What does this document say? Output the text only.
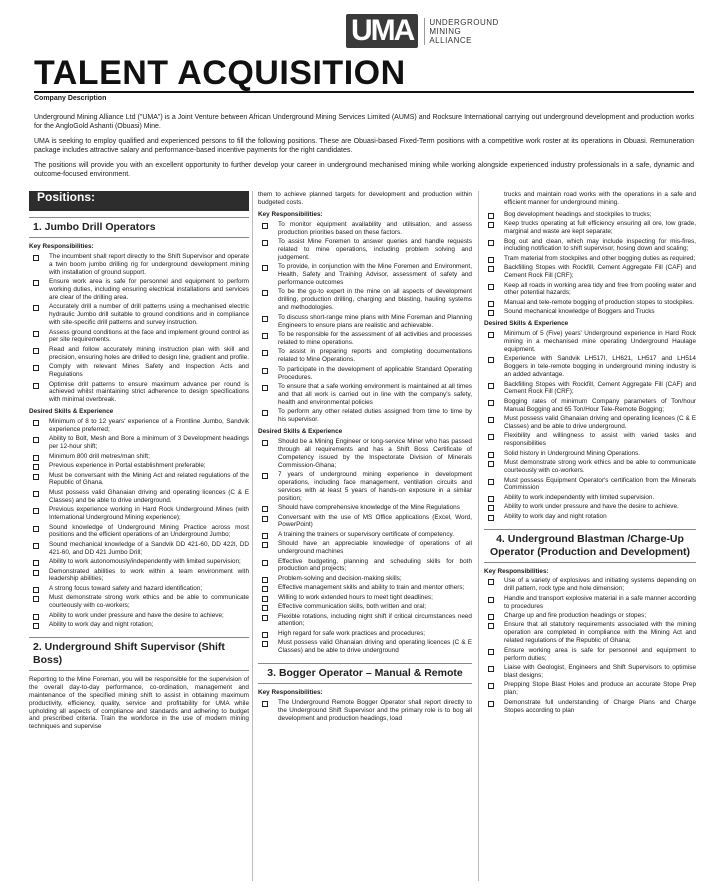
UMA	UNDERGROUND
MINING
ALLIANCE
TALENT ACQUISITION
Company Description

Underground Mining Alliance Ltd ("UMA") is a Joint Venture between African Underground Mining Services Limited (AUMS) and Rocksure International carrying out underground development and production works for the AngloGold Ashanti (Obuasi) Mine.

UMA is seeking to employ qualified and experienced persons to fill the following positions. These are Obuasi-based Fixed-Term positions with a competitive work roster at its operations in Obuasi. Remuneration package includes attractive salary and performance-based incentive payments for the right candidates.

The positions will provide you with an excellent opportunity to further develop your career in underground mechanised mining while working alongside experienced industry professionals in a safe, dynamic and outcome-focused environment.

Positions:
1. Jumbo Drill Operators
Key Responsibilities:
The incumbent shall report directly to the Shift Supervisor and operate a twin boom jumbo drilling rig for underground development mining with installation of ground support.
Ensure work area is safe for personnel and equipment to perform working duties, including ensuring electrical installations and services are clear of the drilling area.
Accurately drill a number of drill patterns using a mechanised electric hydraulic Jumbo drill suitable to ground conditions and in compliance with site-specific drill patterns and survey instruction.
Assess ground conditions at the face and implement ground control as per site requirements.
Read and follow accurately mining instruction plan with skill and precision, ensuring holes are drilled to design line, gradient and profile.
Comply with relevant Mines Safety and Inspection Acts and Regulations
Optimise drill patterns to ensure maximum advance per round is achieved whilst maintaining strict adherence to design specifications with minimal overbreak.
Desired Skills & Experience
Minimum of 8 to 12 years' experience of a Frontline Jumbo, Sandvik experience preferred;
Ability to Bolt, Mesh and Bore a minimum of 3 Development headings per 12-hour shift;
Minimum 800 drill metres/man shift;
Previous experience in Portal establishment preferable;
Must be conversant with the Mining Act and related regulations of the Republic of Ghana.
Must possess valid Ghanaian driving and operating licences (C & E Classes) and be able to drive underground.
Previous experience working in Hard Rock Underground Mines (with International Underground Mining experience);
Sound knowledge of Underground Mining Practice across most positions and the efficient operations of an Underground Jumbo;
Sound mechanical knowledge of a Sandvik DD 421-60, DD 422I, DD 421-60, and DD 421 Jumbo Drill;
Ability to work autonomously/independently with limited supervision;
Demonstrated abilities to work within a team environment with leadership abilities;
A strong focus toward safety and hazard identification;
Must demonstrate strong work ethics and be able to communicate courteously with co-workers;
Ability to work under pressure and have the desire to achieve;
Ability to work day and night rotation;
2. Underground Shift Supervisor (Shift Boss)
Reporting to the Mine Foreman, you will be responsible for the supervision of the overall day-to-day performance, co-ordination, management and maintenance of the specified mining shift to assist in obtaining maximum productivity, efficiency, quality, service and profitability for UMA while upholding all aspects of compliance and standards and adhering to budget and prescribed criteria. Train the workforce in the use of modern mining techniques and supervise
them to achieve planned targets for development and production within budgeted costs.
Key Responsibilities:
To monitor equipment availability and utilisation, and assess production priorities based on these factors.
To assist Mine Foremen to answer queries and handle requests related to mine operations, including problem solving and judgement.
To provide, in conjunction with the Mine Foremen and Environment, Health, Safety and Training Advisor, assessment of safety and performance outcomes
To be the go-to expert in the mine on all aspects of development drilling, production drilling, charging and blasting, hauling systems and methodologies.
To discuss short-range mine plans with Mine Foreman and Planning Engineers to ensure plans are realistic and achievable.
To be responsible for the assessment of all activities and processes related to mine operations.
To assist in preparing reports and completing documentations related to Mine Operations.
To participate in the development of applicable Standard Operating Procedures.
To ensure that a safe working environment is maintained at all times and that all work is carried out in line with the company's safety, health and environmental policies
To perform any other related duties assigned from time to time by his supervisor.
Desired Skills & Experience
Should be a Mining Engineer or long-service Miner who has passed through all requirements and has a Shift Boss Certificate of Competency issued by the Inspectorate Division of Minerals Commission-Ghana;
7 years of underground mining experience in development operations, including face management, ventilation circuits and services with at least 5 years of hands-on exposure in a similar position;
Should have comprehensive knowledge of the Mine Regulations
Conversant with the use of MS Office applications (Excel, Word, PowerPoint)
A training the trainers or supervisory certificate of competency.
Should have an appreciable knowledge of operations of all underground machines
Effective budgeting, planning and scheduling skills for both production and projects;
Problem-solving and decision-making skills;
Effective management skills and ability to train and mentor others;
Willing to work extended hours to meet tight deadlines;
Effective communication skills, both written and oral;
Flexible rotations, including night shift if critical circumstances need attention;
High regard for safe work practices and procedures;
Must possess valid Ghanaian driving and operating licences (C & E Classes) and be able to drive underground
3. Bogger Operator – Manual & Remote
Key Responsibilities:
The Underground Remote Bogger Operator shall report directly to the Underground Shift Supervisor and the primary role is to bog all development and production headings, load
trucks and maintain road works with the operations in a safe and efficient manner for underground mining.
Bog development headings and stockpiles to trucks;
Keep trucks operating at full efficiency ensuring all ore, low grade, marginal and waste are kept separate;
Bog out and clean, which may include inspecting for mis-fires, including notification to shift supervisor, hosing down and scaling;
Tram material from stockpiles and other bogging duties as required;
Backfilling Stopes with Rockfill, Cement Aggregate Fill (CAF) and Cement Rock Fill (CRF);
Keep all roads in working area tidy and free from pooling water and other potential hazards;
Manual and tele-remote bogging of production stopes to stockpiles.
Sound mechanical knowledge of Boggers and Trucks
Desired Skills & Experience
Minimum of 5 (Five) years' Underground experience in Hard Rock mining in a mechanised mine operating Underground Haulage equipment.
Experience with Sandvik LH517I, LH621, LH517 and LH514 Boggers in tele-remote bogging in underground mining industry is an added advantage.
Backfilling Stopes with Rockfill, Cement Aggregate Fill (CAF) and Cement Rock Fill (CRF);
Bogging rates of minimum Company parameters of Ton/hour Manual Bogging and 65 Ton/Hour Tele-Remote Bogging;
Must possess valid Ghanaian driving and operating licences (C & E Classes) and be able to drive underground.
Flexibility and willingness to assist with varied tasks and responsibilities
Solid history in Underground Mining Operations.
Must demonstrate strong work ethics and be able to communicate courteously with co-workers.
Must possess Equipment Operator's certification from the Minerals Commission
Ability to work independently with limited supervision.
Ability to work under pressure and have the desire to achieve.
Ability to work day and night rotation
4. Underground Blastman /Charge-Up Operator (Production and Development)
Key Responsibilities:
Use of a variety of explosives and initiating systems depending on drill pattern, rock type and hole dimension;
Handle and transport explosive material in a safe manner according to procedures
Charge up and fire production headings or stopes;
Ensure that all statutory requirements associated with the mining operation are completed in compliance with the Mining Act and related regulations of the Republic of Ghana;
Ensure working area is safe for personnel and equipment to perform duties;
Liaise with Geologist, Engineers and Shift Supervisors to optimise blast designs;
Prepping Stope Blast Holes and produce an accurate Stope Prep plan;
Demonstrate full understanding of Charge Plans and Charge Stopes according to plan
